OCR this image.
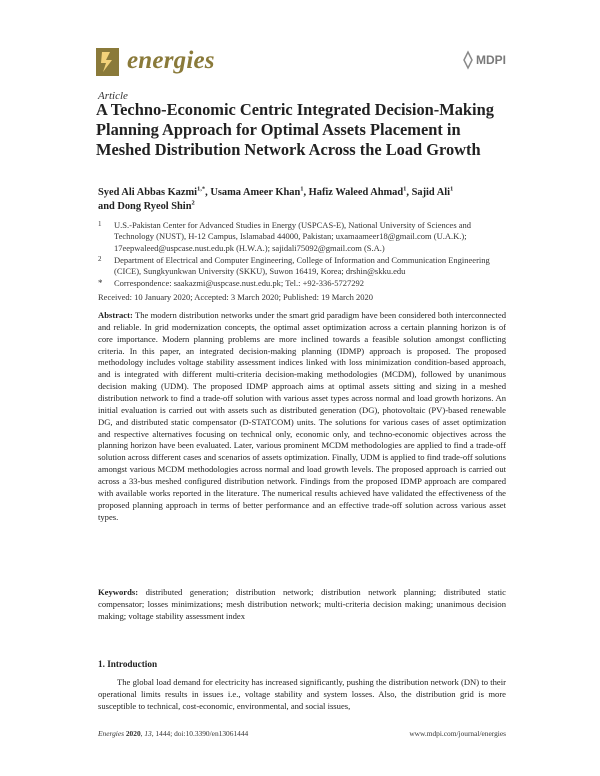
energies	MDPI
Article
A Techno-Economic Centric Integrated Decision-Making Planning Approach for Optimal Assets Placement in Meshed Distribution Network Across the Load Growth
Syed Ali Abbas Kazmi$^{1,*}$, Usama Ameer Khan$^1$, Hafiz Waleed Ahmad$^1$, Sajid Ali$^1$
and Dong Ryeol Shin$^2$
1 U.S.-Pakistan Center for Advanced Studies in Energy (USPCAS-E), National University of Sciences and Technology (NUST), H-12 Campus, Islamabad 44000, Pakistan; uxamaameer18@gmail.com (U.A.K.); 17eepwaleed@uspcase.nust.edu.pk (H.W.A.); sajidali75092@gmail.com (S.A.)
2 Department of Electrical and Computer Engineering, College of Information and Communication Engineering (CICE), Sungkyunkwan University (SKKU), Suwon 16419, Korea; drshin@skku.edu
* Correspondence: saakazmi@uspcase.nust.edu.pk; Tel.: +92-336-5727292
Received: 10 January 2020; Accepted: 3 March 2020; Published: 19 March 2020
Abstract: The modern distribution networks under the smart grid paradigm have been considered both interconnected and reliable. In grid modernization concepts, the optimal asset optimization across a certain planning horizon is of core importance. Modern planning problems are more inclined towards a feasible solution amongst conflicting criteria. In this paper, an integrated decision-making planning (IDMP) approach is proposed. The proposed methodology includes voltage stability assessment indices linked with loss minimization condition-based approach, and is integrated with different multi-criteria decision-making methodologies (MCDM), followed by unanimous decision making (UDM). The proposed IDMP approach aims at optimal assets sitting and sizing in a meshed distribution network to find a trade-off solution with various asset types across normal and load growth horizons. An initial evaluation is carried out with assets such as distributed generation (DG), photovoltaic (PV)-based renewable DG, and distributed static compensator (D-STATCOM) units. The solutions for various cases of asset optimization and respective alternatives focusing on technical only, economic only, and techno-economic objectives across the planning horizon have been evaluated. Later, various prominent MCDM methodologies are applied to find a trade-off solution across different cases and scenarios of assets optimization. Finally, UDM is applied to find trade-off solutions amongst various MCDM methodologies across normal and load growth levels. The proposed approach is carried out across a 33-bus meshed configured distribution network. Findings from the proposed IDMP approach are compared with available works reported in the literature. The numerical results achieved have validated the effectiveness of the proposed planning approach in terms of better performance and an effective trade-off solution across various asset types.
Keywords: distributed generation; distribution network; distribution network planning; distributed static compensator; losses minimizations; mesh distribution network; multi-criteria decision making; unanimous decision making; voltage stability assessment index
1. Introduction
The global load demand for electricity has increased significantly, pushing the distribution network (DN) to their operational limits results in issues i.e., voltage stability and system losses. Also, the distribution grid is more susceptible to technical, cost-economic, environmental, and social issues,
Energies 2020, 13, 1444; doi:10.3390/en13061444	www.mdpi.com/journal/energies
